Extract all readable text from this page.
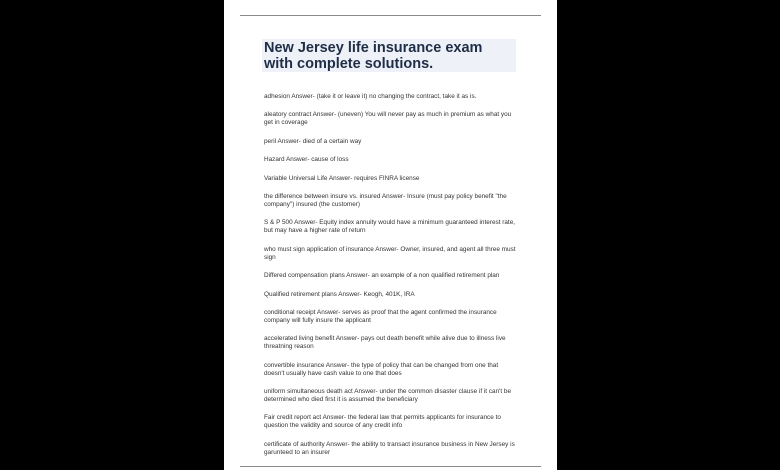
New Jersey life insurance exam with complete solutions.
adhesion Answer- (take it or leave it) no changing the contract, take it as is.
aleatory contract Answer- (uneven) You will never pay as much in premium as what you get in coverage
peril Answer- died of a certain way
Hazard Answer- cause of loss
Variable Universal Life Answer- requires FINRA license
the difference between insure vs. insured Answer- Insure (must pay policy benefit "the company") insured (the customer)
S & P 500 Answer- Equity index annuity would have a minimum guaranteed interest rate, but may have a higher rate of return
who must sign application of insurance Answer- Owner, insured, and agent all three must sign
Differed compensation plans Answer- an example of a non qualified retirement plan
Qualified retirement plans Answer- Keogh, 401K, IRA
conditional receipt Answer- serves as proof that the agent confirmed the insurance company will fully insure the applicant
accelerated living benefit Answer- pays out death benefit while alive due to illness live threatning reason
convertible insurance Answer- the type of policy that can be changed from one that doesn't usually have cash value to one that does
uniform simultaneous death act Answer- under the common disaster clause if it can't be determined who died first it is assumed the beneficiary
Fair credit report act Answer- the federal law that permits applicants for insurance to question the validity and source of any credit info
certificate of authority Answer- the ability to transact insurance business in New Jersey is garunteed to an insurer
